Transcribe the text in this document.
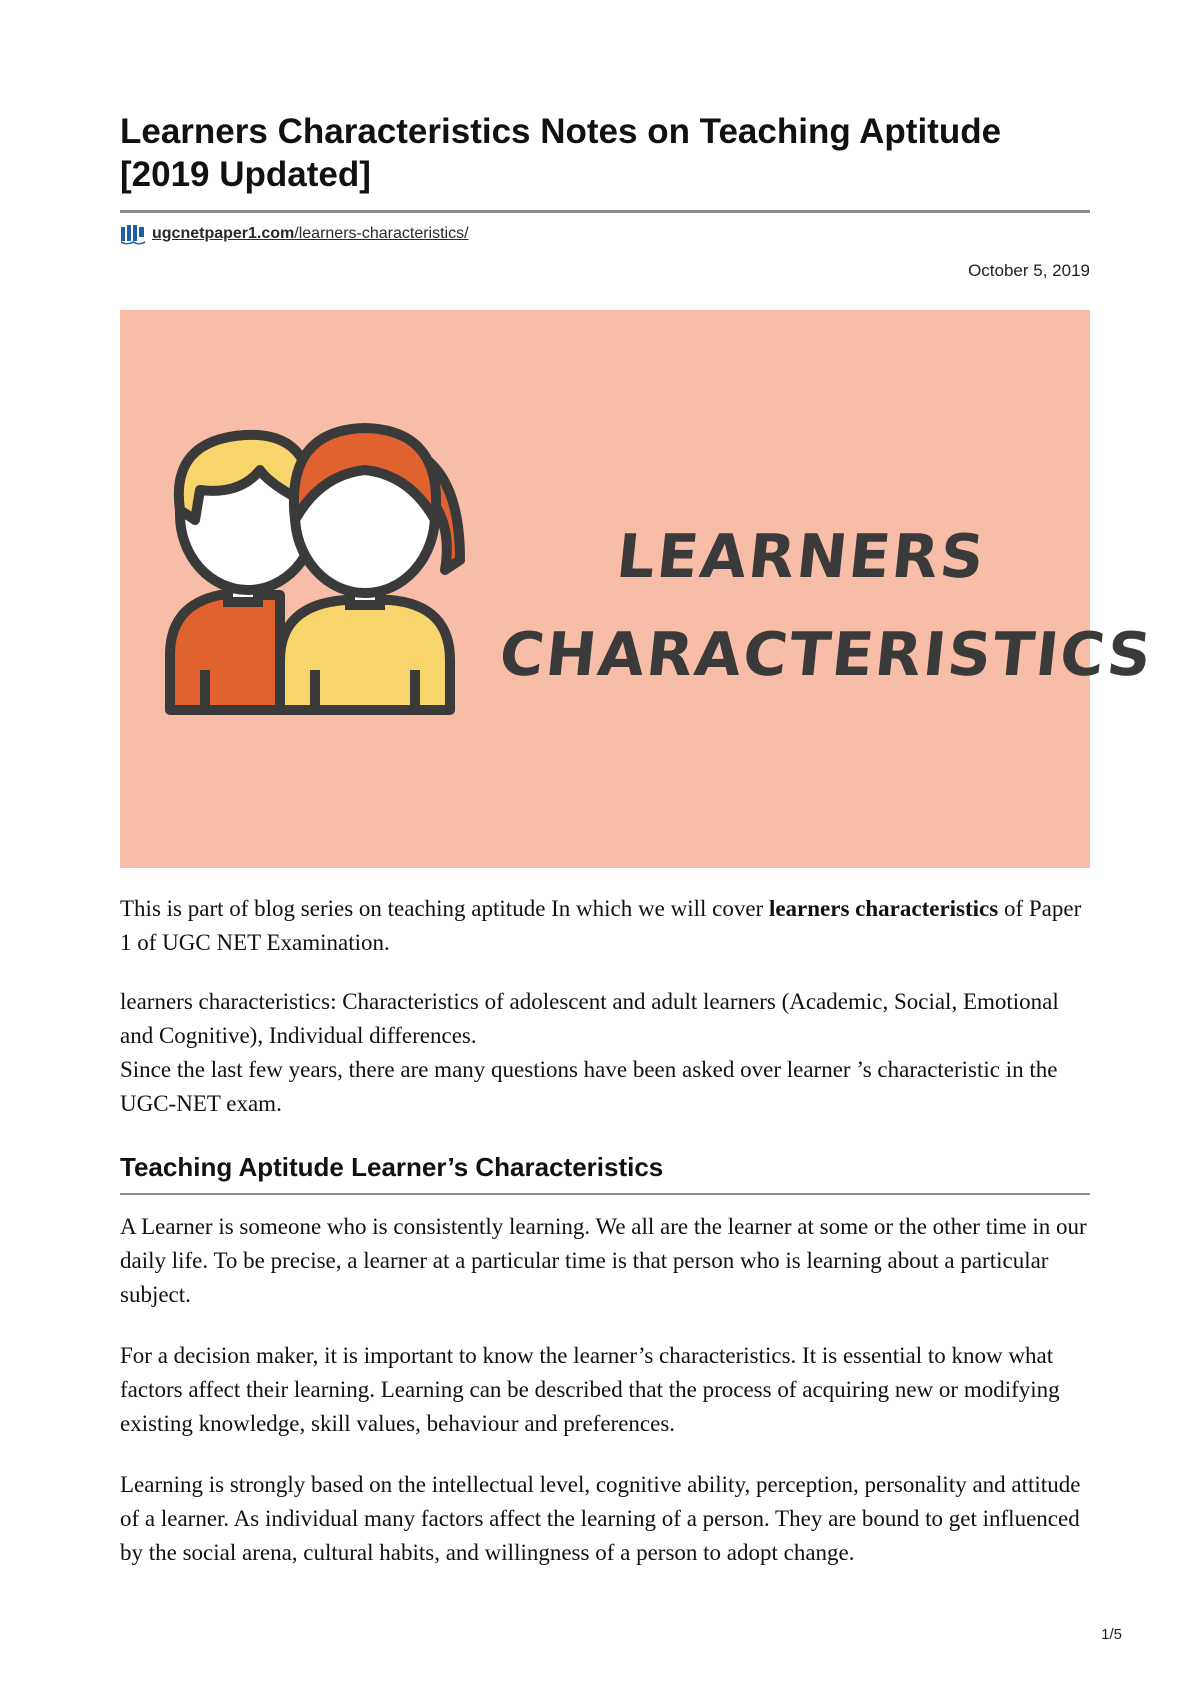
Learners Characteristics Notes on Teaching Aptitude [2019 Updated]
ugcnetpaper1.com/learners-characteristics/
October 5, 2019
LEARNERS
CHARACTERISTICS

This is part of blog series on teaching aptitude In which we will cover learners characteristics of Paper 1 of UGC NET Examination.

learners characteristics: Characteristics of adolescent and adult learners (Academic, Social, Emotional and Cognitive), Individual differences.
Since the last few years, there are many questions have been asked over learner ’s characteristic in the UGC-NET exam.

Teaching Aptitude Learner’s Characteristics

A Learner is someone who is consistently learning. We all are the learner at some or the other time in our daily life. To be precise, a learner at a particular time is that person who is learning about a particular subject.

For a decision maker, it is important to know the learner’s characteristics. It is essential to know what factors affect their learning. Learning can be described that the process of acquiring new or modifying existing knowledge, skill values, behaviour and preferences.

Learning is strongly based on the intellectual level, cognitive ability, perception, personality and attitude of a learner. As individual many factors affect the learning of a person. They are bound to get influenced by the social arena, cultural habits, and willingness of a person to adopt change.

1/5
